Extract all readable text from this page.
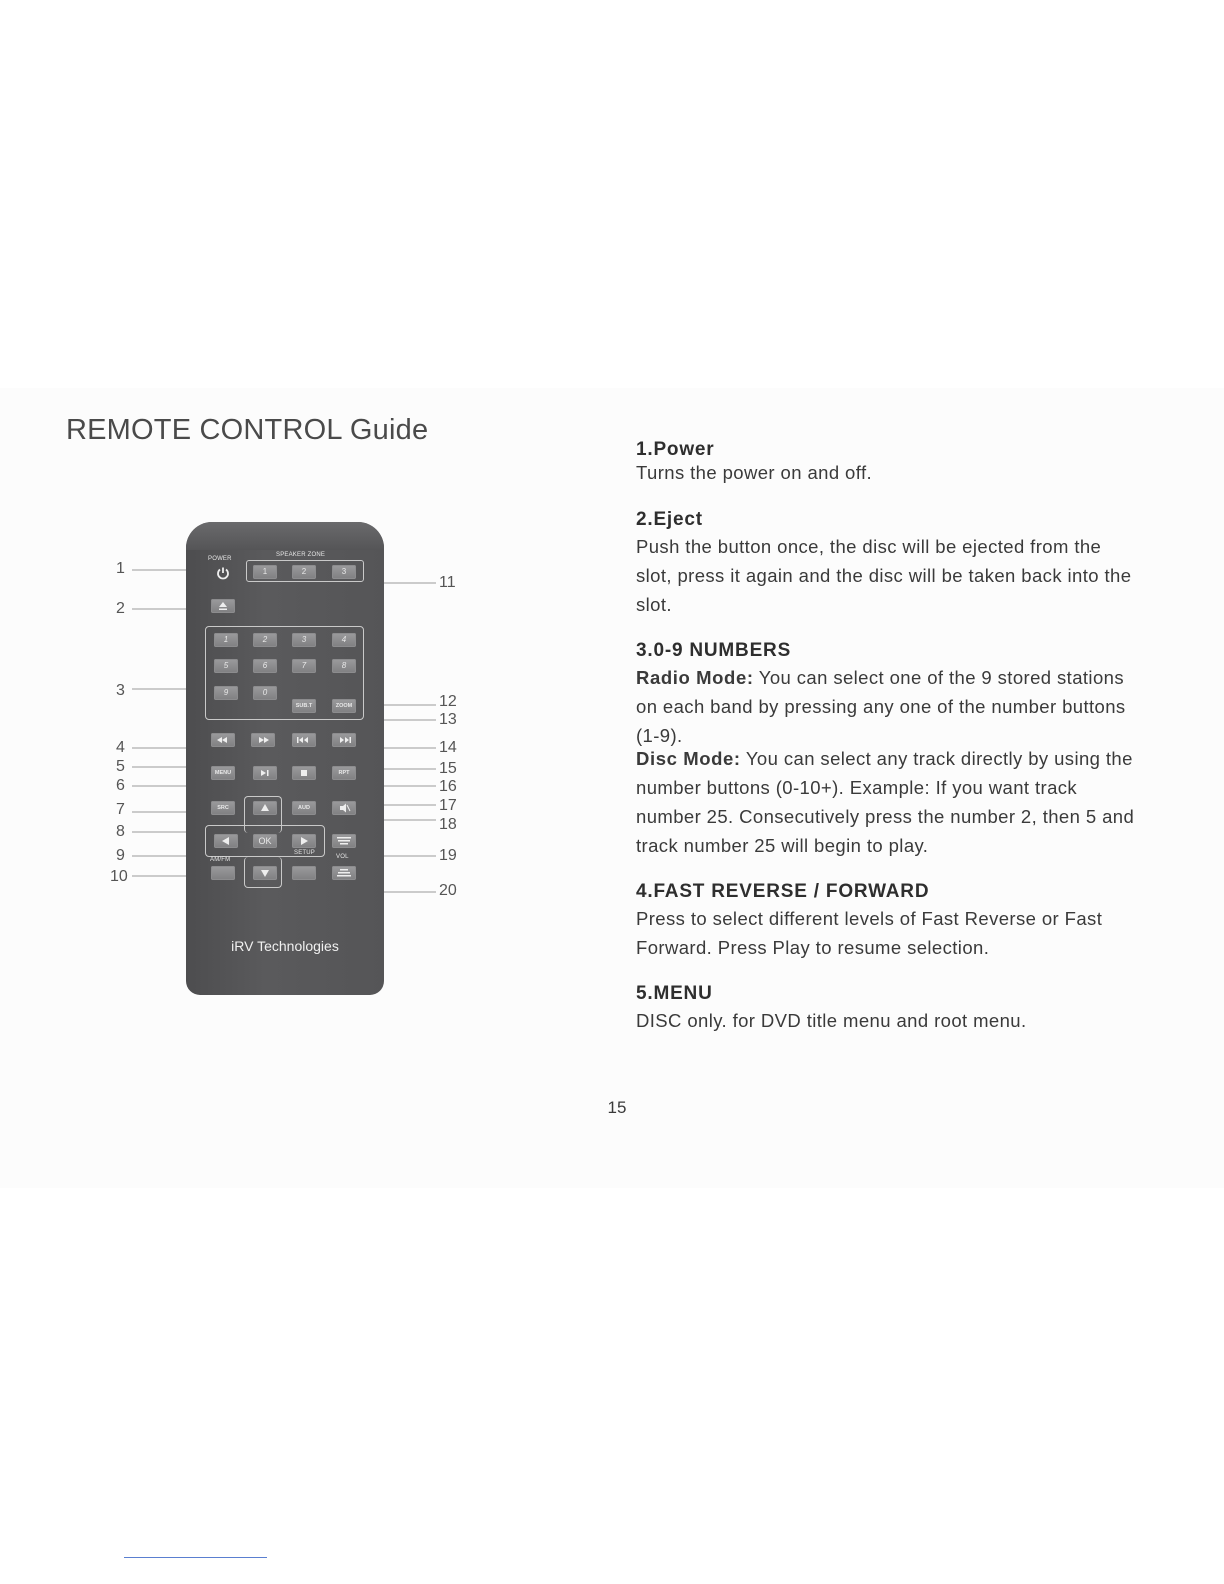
REMOTE CONTROL Guide
1
2
3
4
5
6
7
8
9
10
11
12
13
14
15
16
17
18
19
20
POWER
SPEAKER ZONE
1	2	3
1	2	3	4
5	6	7	8
9	0
SUB.T	ZOOM
MENU	RPT
SRC	AUD
OK
VOL
SETUP
AM/FM
iRV Technologies
1.Power
Turns the power on and off.
2.Eject
Push the button once, the disc will be ejected from the slot, press it again and the disc will be taken back into the slot.
3.0-9 NUMBERS
Radio Mode: You can select one of the 9 stored stations on each band by pressing any one of the number buttons (1-9).
Disc Mode: You can select any track directly by using the number buttons (0-10+). Example: If you want track number 25. Consecutively press the number 2, then 5 and track number 25 will begin to play.
4.FAST REVERSE / FORWARD
Press to select different levels of Fast Reverse or Fast Forward. Press Play to resume selection.
5.MENU
DISC only. for DVD title menu and root menu.
15
